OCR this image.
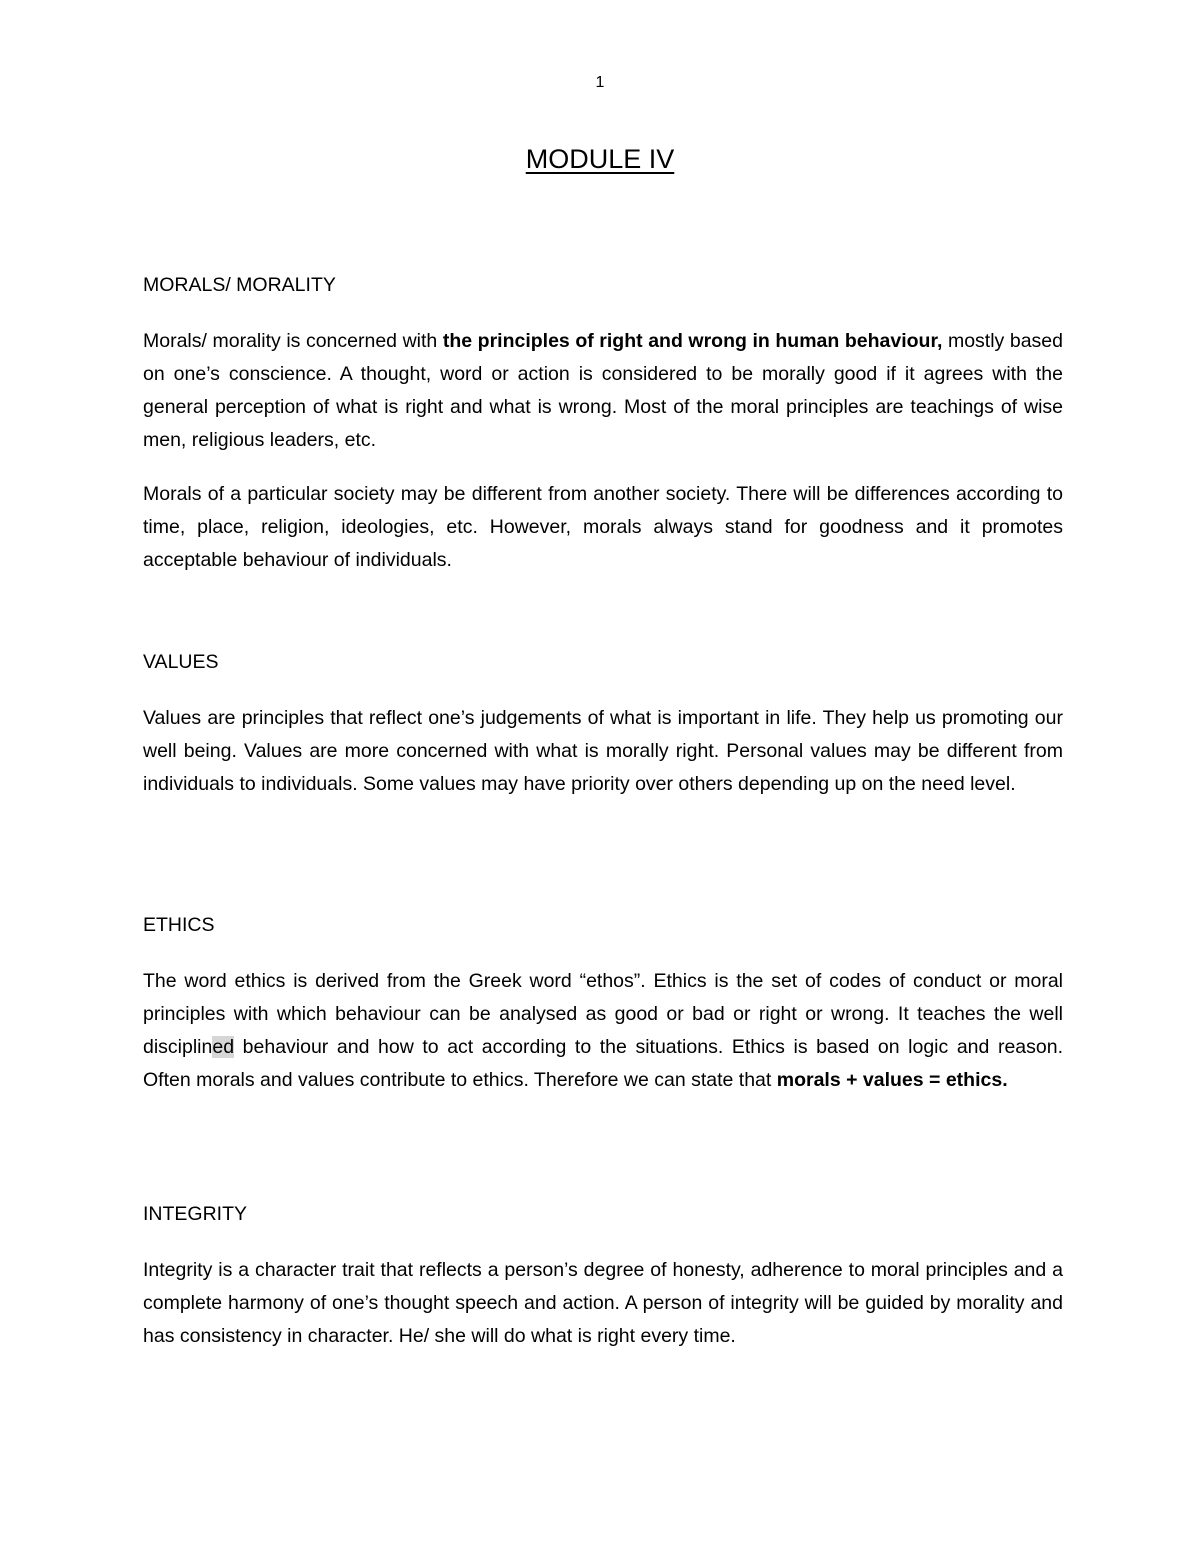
1
MODULE IV
MORALS/ MORALITY

Morals/ morality is concerned with the principles of right and wrong in human behaviour, mostly based on one’s conscience. A thought, word or action is considered to be morally good if it agrees with the general perception of what is right and what is wrong. Most of the moral principles are teachings of wise men, religious leaders, etc.

Morals of a particular society may be different from another society. There will be differences according to time, place, religion, ideologies, etc. However, morals always stand for goodness and it promotes acceptable behaviour of individuals.

VALUES

Values are principles that reflect one’s judgements of what is important in life. They help us promoting our well being. Values are more concerned with what is morally right. Personal values may be different from individuals to individuals. Some values may have priority over others depending up on the need level.

ETHICS

The word ethics is derived from the Greek word “ethos”. Ethics is the set of codes of conduct or moral principles with which behaviour can be analysed as good or bad or right or wrong. It teaches the well disciplined behaviour and how to act according to the situations. Ethics is based on logic and reason. Often morals and values contribute to ethics. Therefore we can state that morals + values = ethics.

INTEGRITY

Integrity is a character trait that reflects a person’s degree of honesty, adherence to moral principles and a complete harmony of one’s thought speech and action. A person of integrity will be guided by morality and has consistency in character. He/ she will do what is right every time.
